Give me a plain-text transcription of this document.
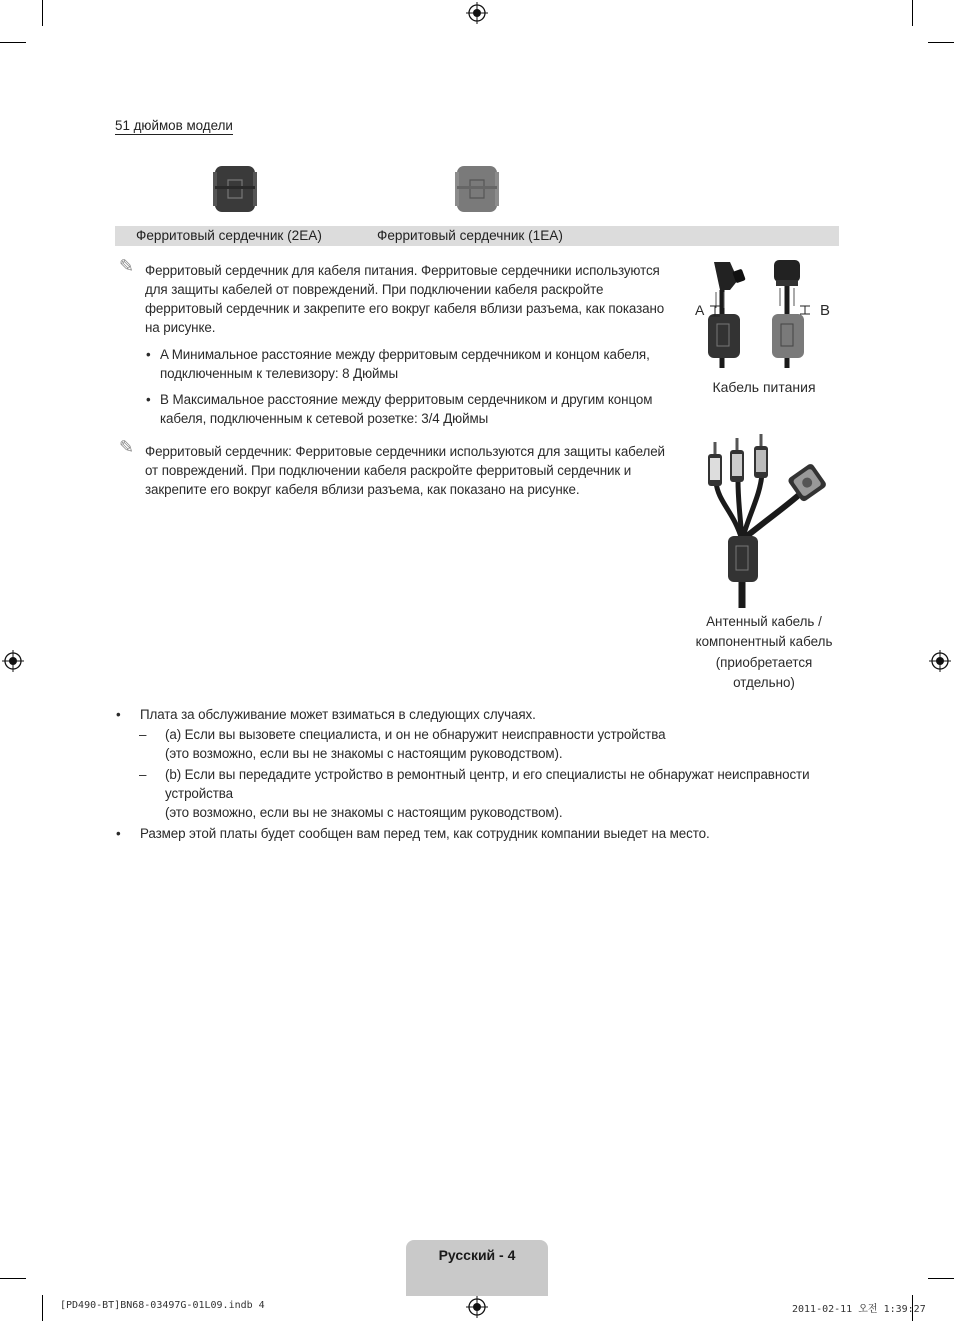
51 дюймов модели
Ферритовый сердечник (2EA)	Ферритовый сердечник (1EA)
✎ Ферритовый сердечник для кабеля питания. Ферритовые сердечники используются
для защиты кабелей от повреждений. При подключении кабеля раскройте
ферритовый сердечник и закрепите его вокруг кабеля вблизи разъема, как показано
на рисунке.
• A Минимальное расстояние между ферритовым сердечником и концом кабеля,
подключенным к телевизору: 8 Дюймы
• B Максимальное расстояние между ферритовым сердечником и другим концом
кабеля, подключенным к сетевой розетке: 3/4 Дюймы
✎ Ферритовый сердечник: Ферритовые сердечники используются для защиты кабелей
от повреждений. При подключении кабеля раскройте ферритовый сердечник и
закрепите его вокруг кабеля вблизи разъема, как показано на рисунке.
A	B
Кабель питания
Антенный кабель /
компонентный кабель
(приобретается
отдельно)
• Плата за обслуживание может взиматься в следующих случаях.
– (a) Если вы вызовете специалиста, и он не обнаружит неисправности устройства
(это возможно, если вы не знакомы с настоящим руководством).
– (b) Если вы передадите устройство в ремонтный центр, и его специалисты не обнаружат неисправности
устройства
(это возможно, если вы не знакомы с настоящим руководством).
• Размер этой платы будет сообщен вам перед тем, как сотрудник компании выедет на место.
Русский - 4
[PD490-BT]BN68-03497G-01L09.indb 4	2011-02-11 오전 1:39:27
